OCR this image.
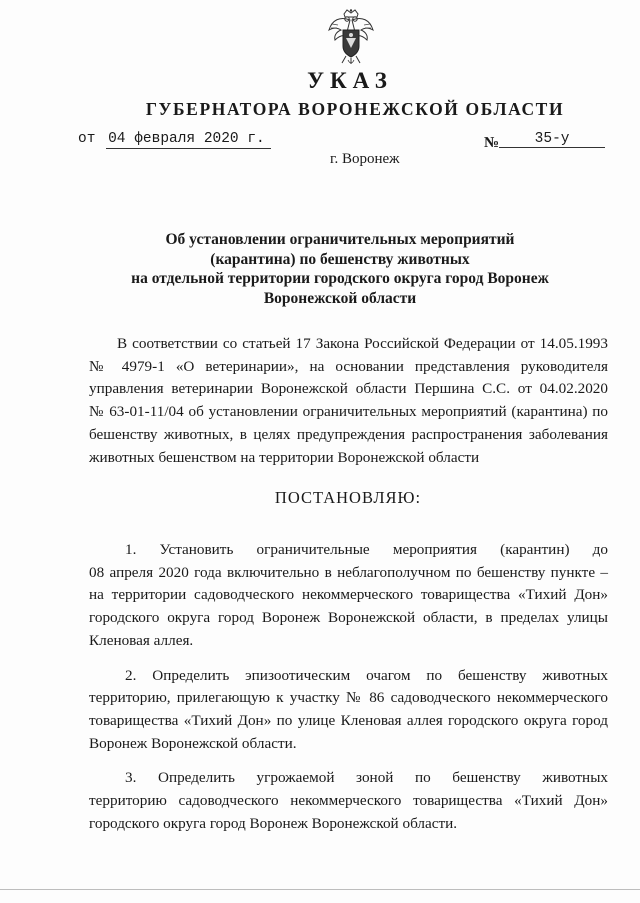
УКАЗ
ГУБЕРНАТОРА ВОРОНЕЖСКОЙ ОБЛАСТИ
от 04 февраля 2020 г.	№ 35-у
г. Воронеж
Об установлении ограничительных мероприятий
(карантина) по бешенству животных
на отдельной территории городского округа город Воронеж
Воронежской области
В соответствии со статьей 17 Закона Российской Федерации от 14.05.1993
№ 4979-1 «О ветеринарии», на основании представления руководителя
управления ветеринарии Воронежской области Першина С.С. от 04.02.2020
№ 63-01-11/04 об установлении ограничительных мероприятий (карантина) по
бешенству животных, в целях предупреждения распространения заболевания
животных бешенством на территории Воронежской области
ПОСТАНОВЛЯЮ:
1. Установить ограничительные мероприятия (карантин) до
08 апреля 2020 года включительно в неблагополучном по бешенству пункте –
на территории садоводческого некоммерческого товарищества «Тихий Дон»
городского округа город Воронеж Воронежской области, в пределах улицы
Кленовая аллея.
2. Определить эпизоотическим очагом по бешенству животных
территорию, прилегающую к участку № 86 садоводческого некоммерческого
товарищества «Тихий Дон» по улице Кленовая аллея городского округа город
Воронеж Воронежской области.
3. Определить угрожаемой зоной по бешенству животных
территорию садоводческого некоммерческого товарищества «Тихий Дон»
городского округа город Воронеж Воронежской области.
